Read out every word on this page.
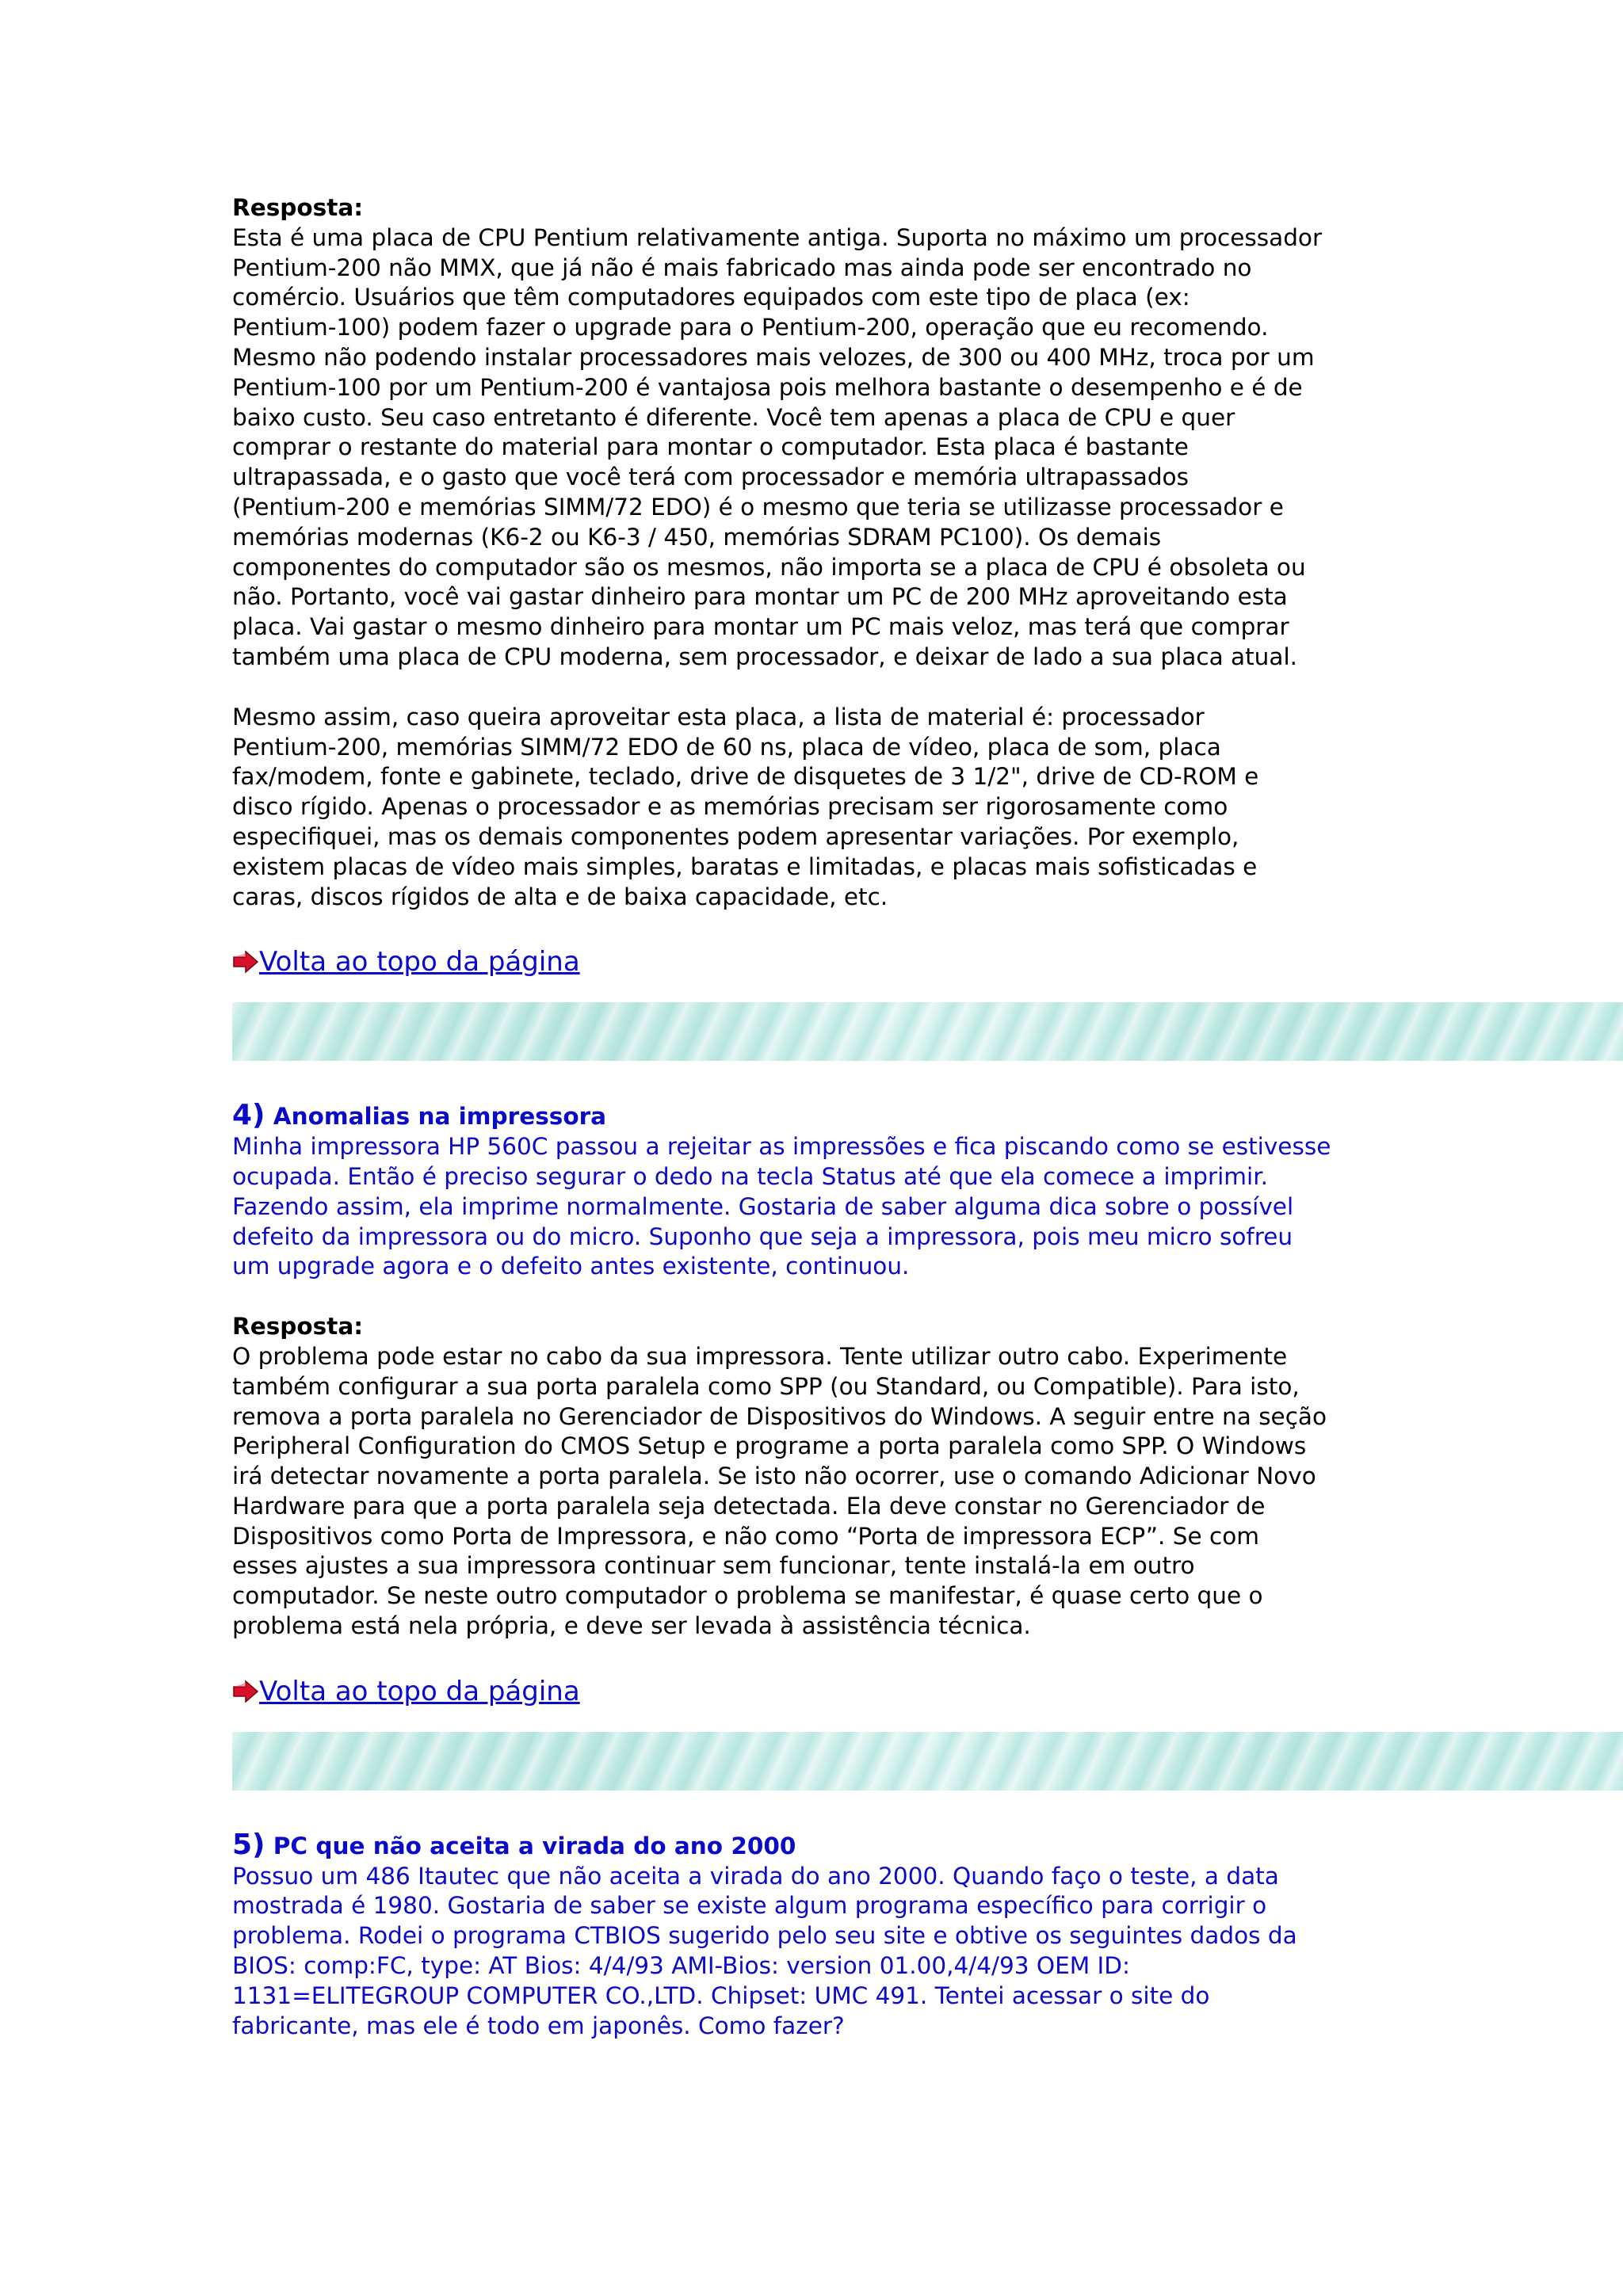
Resposta:
Esta é uma placa de CPU Pentium relativamente antiga. Suporta no máximo um processador
Pentium-200 não MMX, que já não é mais fabricado mas ainda pode ser encontrado no
comércio. Usuários que têm computadores equipados com este tipo de placa (ex:
Pentium-100) podem fazer o upgrade para o Pentium-200, operação que eu recomendo.
Mesmo não podendo instalar processadores mais velozes, de 300 ou 400 MHz, troca por um
Pentium-100 por um Pentium-200 é vantajosa pois melhora bastante o desempenho e é de
baixo custo. Seu caso entretanto é diferente. Você tem apenas a placa de CPU e quer
comprar o restante do material para montar o computador. Esta placa é bastante
ultrapassada, e o gasto que você terá com processador e memória ultrapassados
(Pentium-200 e memórias SIMM/72 EDO) é o mesmo que teria se utilizasse processador e
memórias modernas (K6-2 ou K6-3 / 450, memórias SDRAM PC100). Os demais
componentes do computador são os mesmos, não importa se a placa de CPU é obsoleta ou
não. Portanto, você vai gastar dinheiro para montar um PC de 200 MHz aproveitando esta
placa. Vai gastar o mesmo dinheiro para montar um PC mais veloz, mas terá que comprar
também uma placa de CPU moderna, sem processador, e deixar de lado a sua placa atual.
Mesmo assim, caso queira aproveitar esta placa, a lista de material é: processador
Pentium-200, memórias SIMM/72 EDO de 60 ns, placa de vídeo, placa de som, placa
fax/modem, fonte e gabinete, teclado, drive de disquetes de 3 1/2", drive de CD-ROM e
disco rígido. Apenas o processador e as memórias precisam ser rigorosamente como
especifiquei, mas os demais componentes podem apresentar variações. Por exemplo,
existem placas de vídeo mais simples, baratas e limitadas, e placas mais sofisticadas e
caras, discos rígidos de alta e de baixa capacidade, etc.
Volta ao topo da página
4) Anomalias na impressora
Minha impressora HP 560C passou a rejeitar as impressões e fica piscando como se estivesse
ocupada. Então é preciso segurar o dedo na tecla Status até que ela comece a imprimir.
Fazendo assim, ela imprime normalmente. Gostaria de saber alguma dica sobre o possível
defeito da impressora ou do micro. Suponho que seja a impressora, pois meu micro sofreu
um upgrade agora e o defeito antes existente, continuou.
Resposta:
O problema pode estar no cabo da sua impressora. Tente utilizar outro cabo. Experimente
também configurar a sua porta paralela como SPP (ou Standard, ou Compatible). Para isto,
remova a porta paralela no Gerenciador de Dispositivos do Windows. A seguir entre na seção
Peripheral Configuration do CMOS Setup e programe a porta paralela como SPP. O Windows
irá detectar novamente a porta paralela. Se isto não ocorrer, use o comando Adicionar Novo
Hardware para que a porta paralela seja detectada. Ela deve constar no Gerenciador de
Dispositivos como Porta de Impressora, e não como “Porta de impressora ECP”. Se com
esses ajustes a sua impressora continuar sem funcionar, tente instalá-la em outro
computador. Se neste outro computador o problema se manifestar, é quase certo que o
problema está nela própria, e deve ser levada à assistência técnica.
Volta ao topo da página
5) PC que não aceita a virada do ano 2000
Possuo um 486 Itautec que não aceita a virada do ano 2000. Quando faço o teste, a data
mostrada é 1980. Gostaria de saber se existe algum programa específico para corrigir o
problema. Rodei o programa CTBIOS sugerido pelo seu site e obtive os seguintes dados da
BIOS: comp:FC, type: AT Bios: 4/4/93 AMI-Bios: version 01.00,4/4/93 OEM ID:
1131=ELITEGROUP COMPUTER CO.,LTD. Chipset: UMC 491. Tentei acessar o site do
fabricante, mas ele é todo em japonês. Como fazer?
